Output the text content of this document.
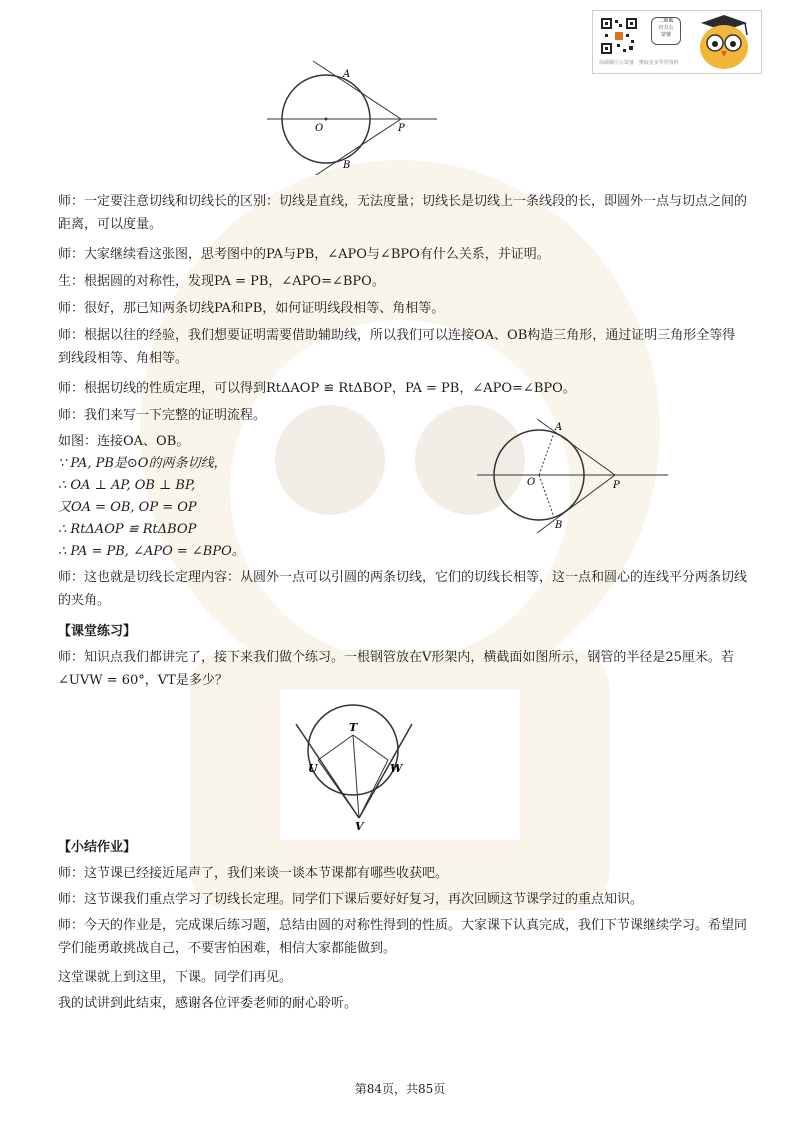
掃碼關注公眾號 · 獲取更多學習資料
二維碼
官方公
眾號
A
B
O	P

师：一定要注意切线和切线长的区别：切线是直线，无法度量；切线长是切线上一条线段的长，即圆外一点与切点之间的距离，可以度量。

师：大家继续看这张图，思考图中的PA与PB，∠APO与∠BPO有什么关系，并证明。

生：根据圆的对称性，发现PA = PB，∠APO=∠BPO。

师：很好，那已知两条切线PA和PB，如何证明线段相等、角相等。

师：根据以往的经验，我们想要证明需要借助辅助线，所以我们可以连接OA、OB构造三角形，通过证明三角形全等得到线段相等、角相等。

师：根据切线的性质定理，可以得到RtΔAOP ≌ RtΔBOP，PA = PB，∠APO=∠BPO。

师：我们来写一下完整的证明流程。

如图：连接OA、OB。
∵ PA, PB是⊙O的两条切线，
∴ OA ⊥ AP, OB ⊥ BP,
又OA = OB, OP = OP
∴ RtΔAOP ≌ RtΔBOP
∴ PA = PB, ∠APO = ∠BPO。
A
B
O	P

师：这也就是切线长定理内容：从圆外一点可以引圆的两条切线，它们的切线长相等，这一点和圆心的连线平分两条切线的夹角。

【课堂练习】

师：知识点我们都讲完了，接下来我们做个练习。一根钢管放在V形架内，横截面如图所示，钢管的半径是25厘米。若∠UVW = 60°，VT是多少？

T
U	W
V

【小结作业】

师：这节课已经接近尾声了，我们来谈一谈本节课都有哪些收获吧。

师：这节课我们重点学习了切线长定理。同学们下课后要好好复习，再次回顾这节课学过的重点知识。

师：今天的作业是，完成课后练习题，总结由圆的对称性得到的性质。大家课下认真完成，我们下节课继续学习。希望同学们能勇敢挑战自己，不要害怕困难，相信大家都能做到。

这堂课就上到这里，下课。同学们再见。

我的试讲到此结束，感谢各位评委老师的耐心聆听。

第84页，共85页
